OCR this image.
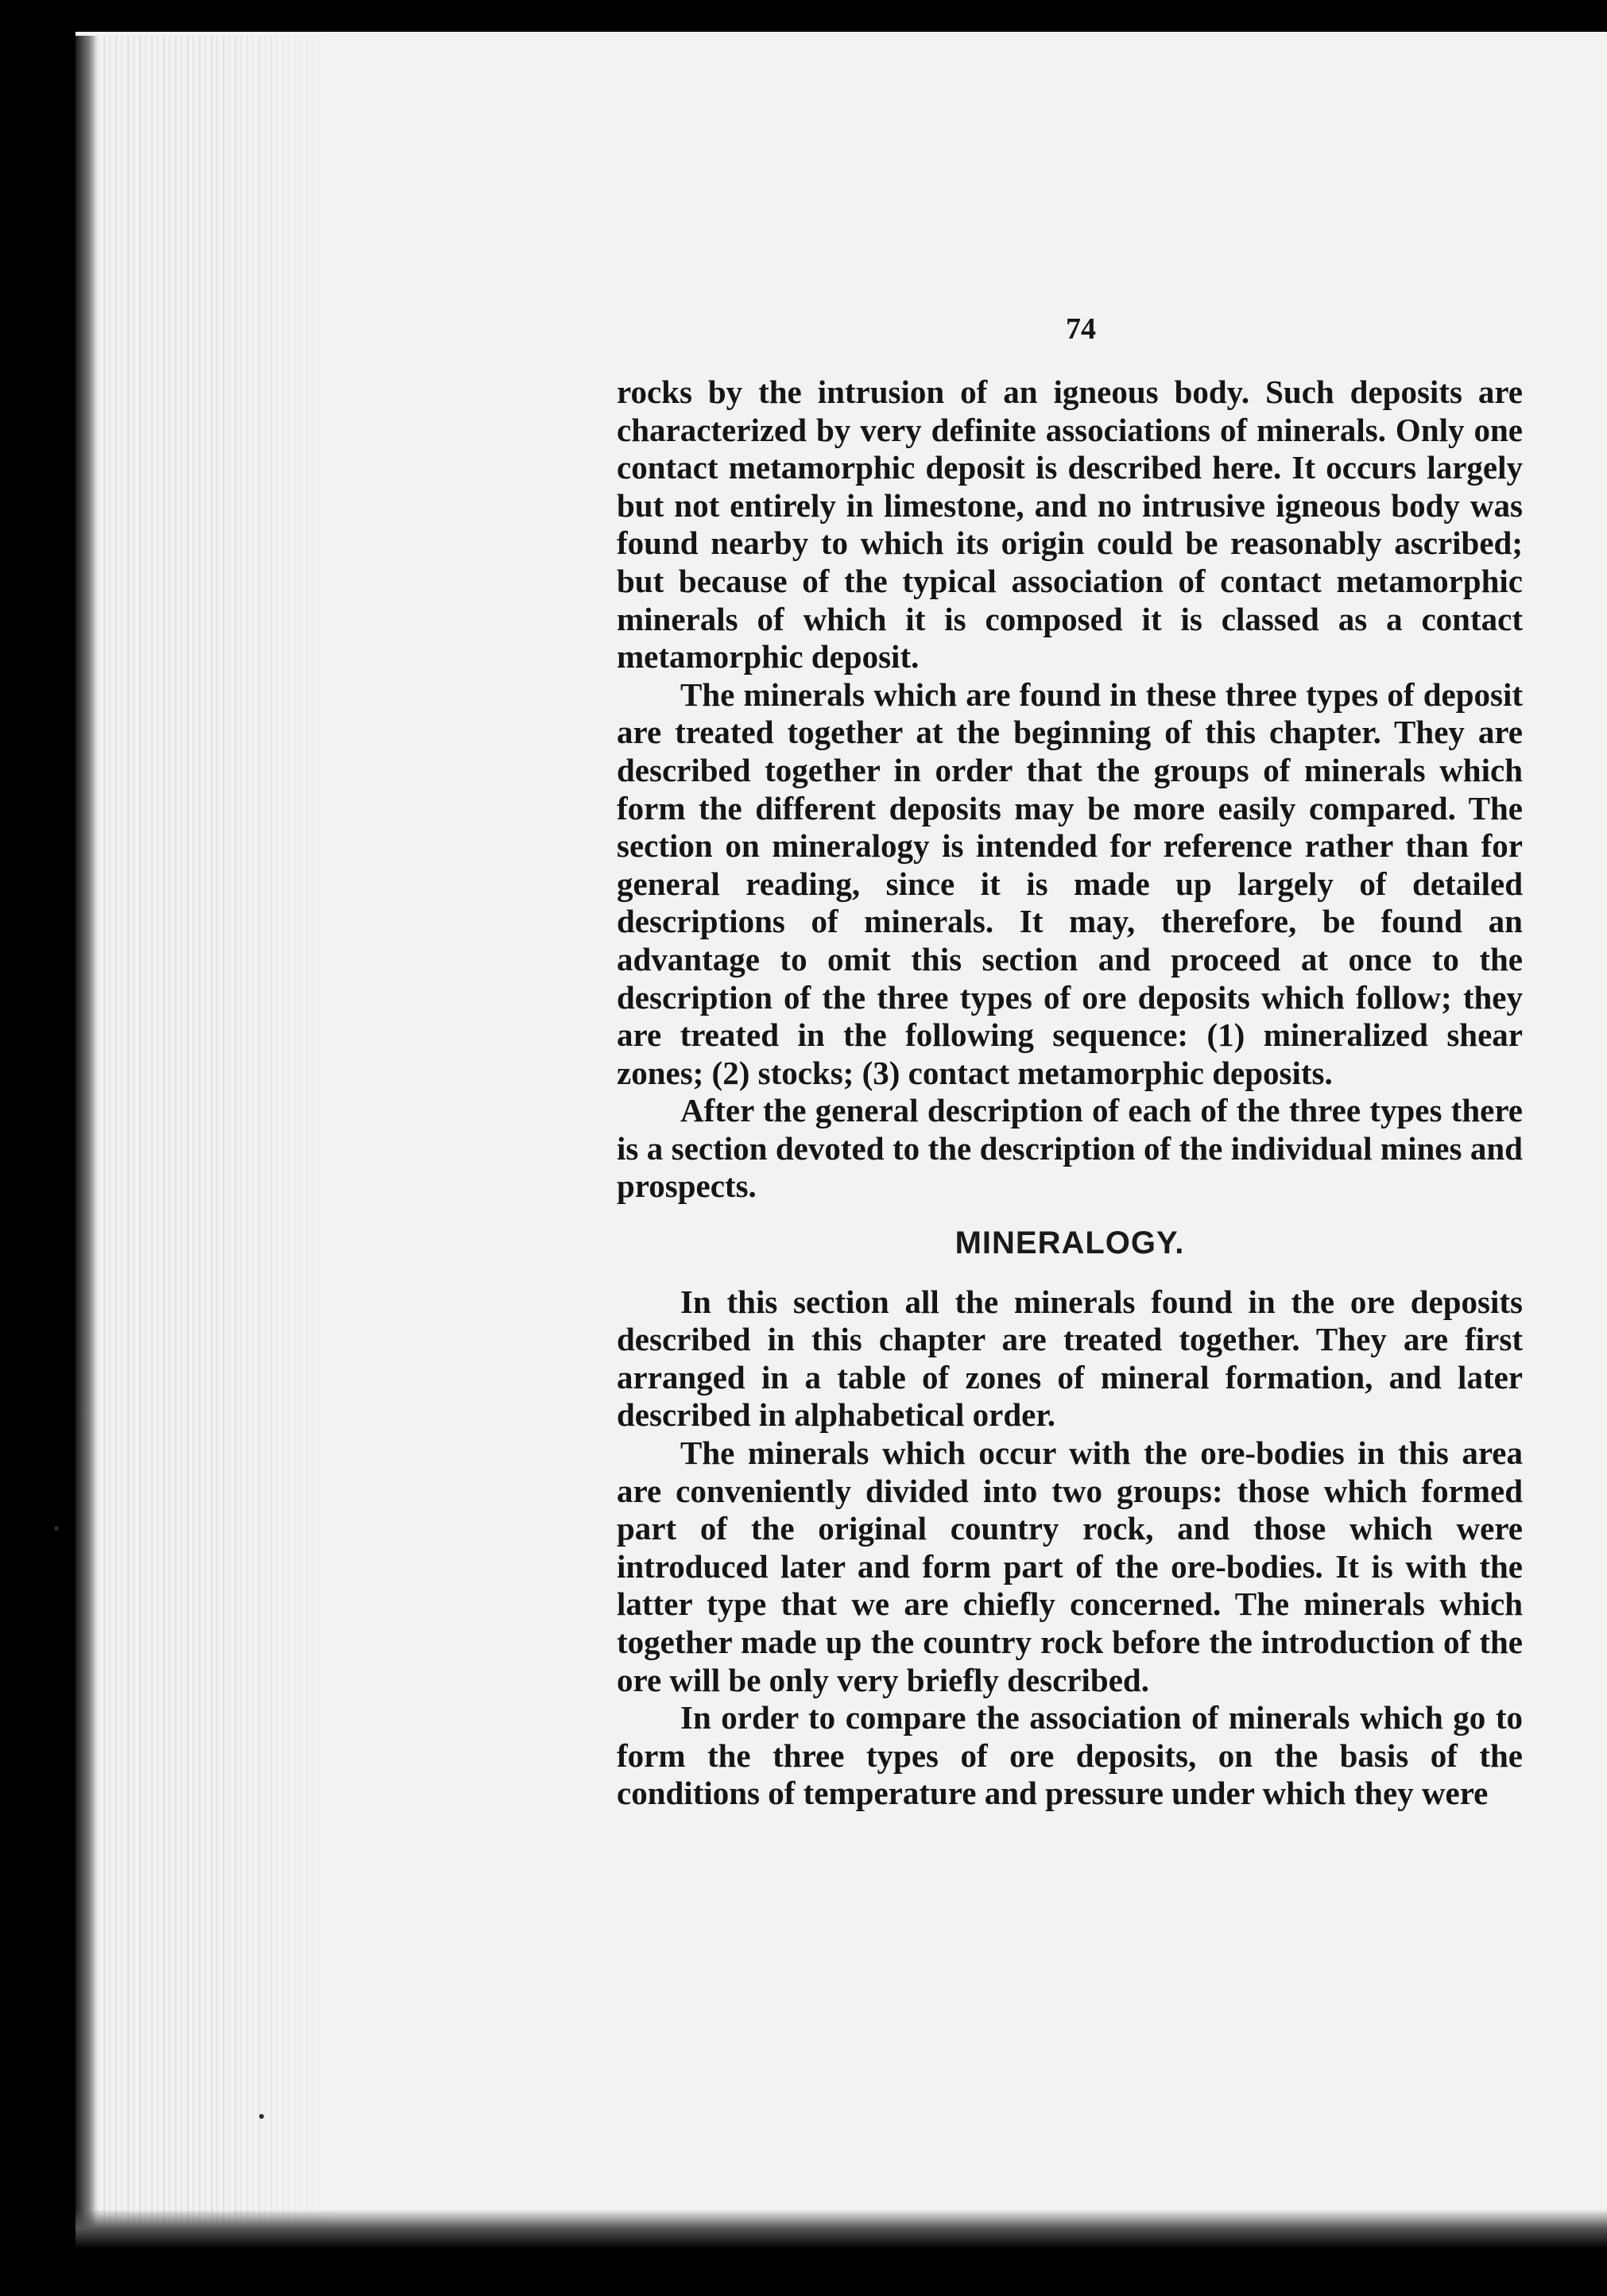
74

rocks by the intrusion of an igneous body. Such deposits are characterized by very definite associations of minerals. Only one contact metamorphic deposit is described here. It occurs largely but not entirely in limestone, and no intrusive igneous body was found nearby to which its origin could be reasonably ascribed; but because of the typical association of contact metamorphic minerals of which it is composed it is classed as a contact metamorphic deposit.

The minerals which are found in these three types of deposit are treated together at the beginning of this chapter. They are described together in order that the groups of minerals which form the different deposits may be more easily compared. The section on mineralogy is intended for reference rather than for general reading, since it is made up largely of detailed descriptions of minerals. It may, therefore, be found an advantage to omit this section and proceed at once to the description of the three types of ore deposits which follow; they are treated in the following sequence: (1) mineralized shear zones; (2) stocks; (3) contact metamorphic deposits.

After the general description of each of the three types there is a section devoted to the description of the individual mines and prospects.

MINERALOGY.

In this section all the minerals found in the ore deposits described in this chapter are treated together. They are first arranged in a table of zones of mineral formation, and later described in alphabetical order.

The minerals which occur with the ore-bodies in this area are conveniently divided into two groups: those which formed part of the original country rock, and those which were introduced later and form part of the ore-bodies. It is with the latter type that we are chiefly concerned. The minerals which together made up the country rock before the introduction of the ore will be only very briefly described.

In order to compare the association of minerals which go to form the three types of ore deposits, on the basis of the conditions of temperature and pressure under which they were
